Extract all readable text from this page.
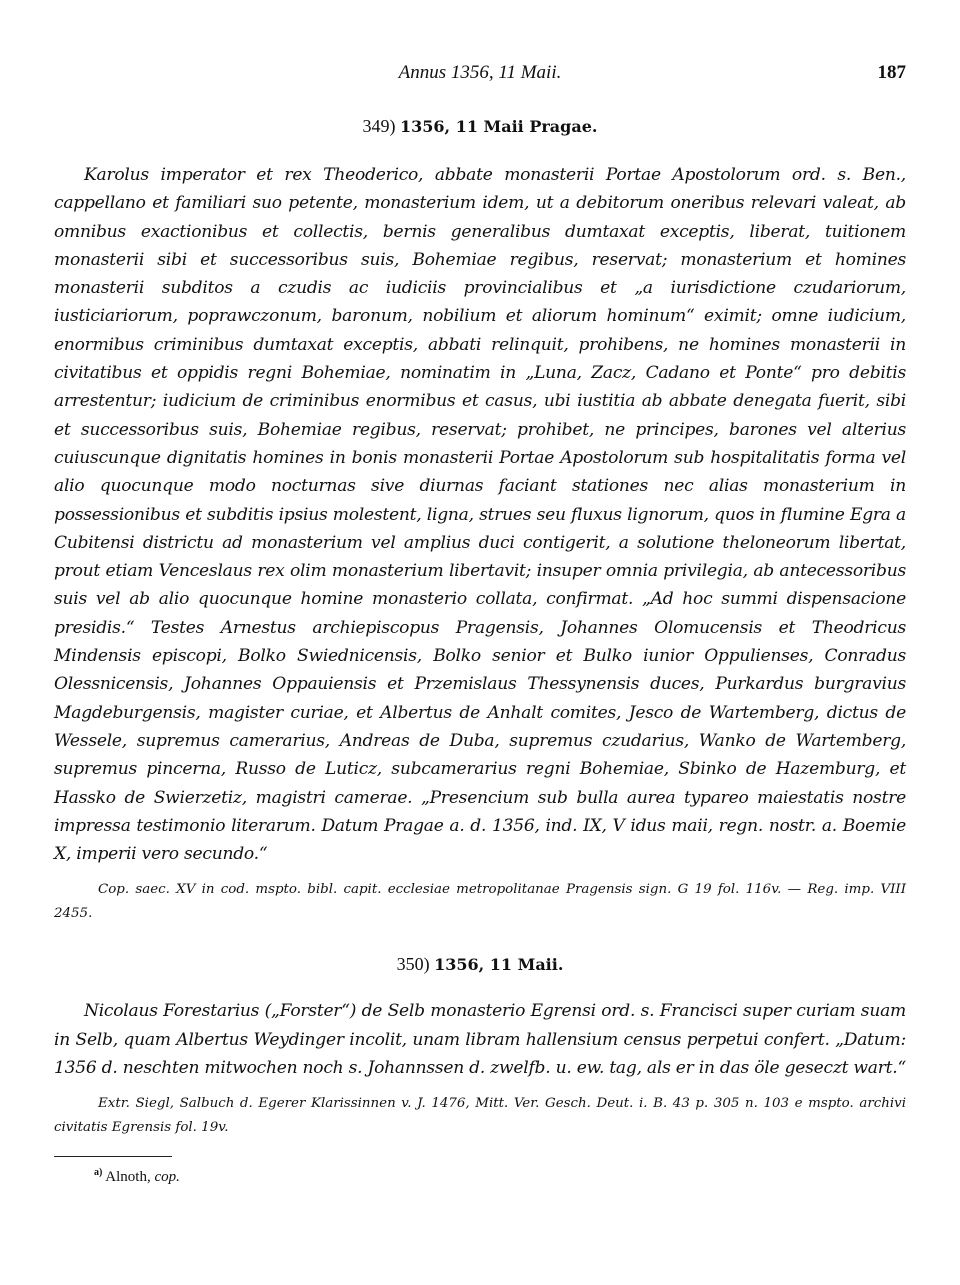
Annus 1356, 11 Maii.	187
349) 1356, 11 Maii Pragae.

Karolus imperator et rex Theoderico, abbate monasterii Portae Apostolorum ord. s. Ben., cappellano et familiari suo petente, monasterium idem, ut a debitorum oneribus relevari valeat, ab omnibus exactionibus et collectis, bernis generalibus dumtaxat exceptis, liberat, tuitionem monasterii sibi et successoribus suis, Bohemiae regibus, reservat; monasterium et homines monasterii subditos a czudis ac iudiciis provincialibus et „a iurisdictione czudariorum, iusticiariorum, poprawczonum, baronum, nobilium et aliorum hominum“ eximit; omne iudicium, enormibus criminibus dumtaxat exceptis, abbati relinquit, prohibens, ne homines monasterii in civitatibus et oppidis regni Bohemiae, nominatim in „Luna, Zacz, Cadano et Ponte“ pro debitis arrestentur; iudicium de criminibus enormibus et casus, ubi iustitia ab abbate denegata fuerit, sibi et successoribus suis, Bohemiae regibus, reservat; prohibet, ne principes, barones vel alterius cuiuscunque dignitatis homines in bonis monasterii Portae Apostolorum sub hospitalitatis forma vel alio quocunque modo nocturnas sive diurnas faciant stationes nec alias monasterium in possessionibus et subditis ipsius molestent, ligna, strues seu fluxus lignorum, quos in flumine Egra a Cubitensi districtu ad monasterium vel amplius duci contigerit, a solutione theloneorum libertat, prout etiam Venceslaus rex olim monasterium libertavit; insuper omnia privilegia, ab antecessoribus suis vel ab alio quocunque homine monasterio collata, confirmat. „Ad hoc summi dispensacione presidis.“ Testes Arnestus archiepiscopus Pragensis, Johannes Olomucensis et Theodricus Mindensis episcopi, Bolko Swiednicensis, Bolko senior et Bulko iunior Oppulienses, Conradus Olessnicensis, Johannes Oppauiensis et Przemislaus Thessynensis duces, Purkardus burgravius Magdeburgensis, magister curiae, et Albertus de Anhalt comites, Jesco de Wartemberg, dictus de Wessele, supremus camerarius, Andreas de Duba, supremus czudarius, Wanko de Wartemberg, supremus pincerna, Russo de Luticz, subcamerarius regni Bohemiae, Sbinko de Hazemburg, et Hassko de Swierzetiz, magistri camerae. „Presencium sub bulla aurea typareo maiestatis nostre impressa testimonio literarum. Datum Pragae a. d. 1356, ind. IX, V idus maii, regn. nostr. a. Boemie X, imperii vero secundo.“

Cop. saec. XV in cod. mspto. bibl. capit. ecclesiae metropolitanae Pragensis sign. G 19 fol. 116v. — Reg. imp. VIII 2455.

350) 1356, 11 Maii.

Nicolaus Forestarius („Forster“) de Selb monasterio Egrensi ord. s. Francisci super curiam suam in Selb, quam Albertus Weydinger incolit, unam libram hallensium census perpetui confert. „Datum: 1356 d. neschten mitwochen noch s. Johannssen d. zwelfb. u. ew. tag, als er in das öle geseczt wart.“

Extr. Siegl, Salbuch d. Egerer Klarissinnen v. J. 1476, Mitt. Ver. Gesch. Deut. i. B. 43 p. 305 n. 103 e mspto. archivi civitatis Egrensis fol. 19v.

$^{a)}$ Alnoth, cop.
